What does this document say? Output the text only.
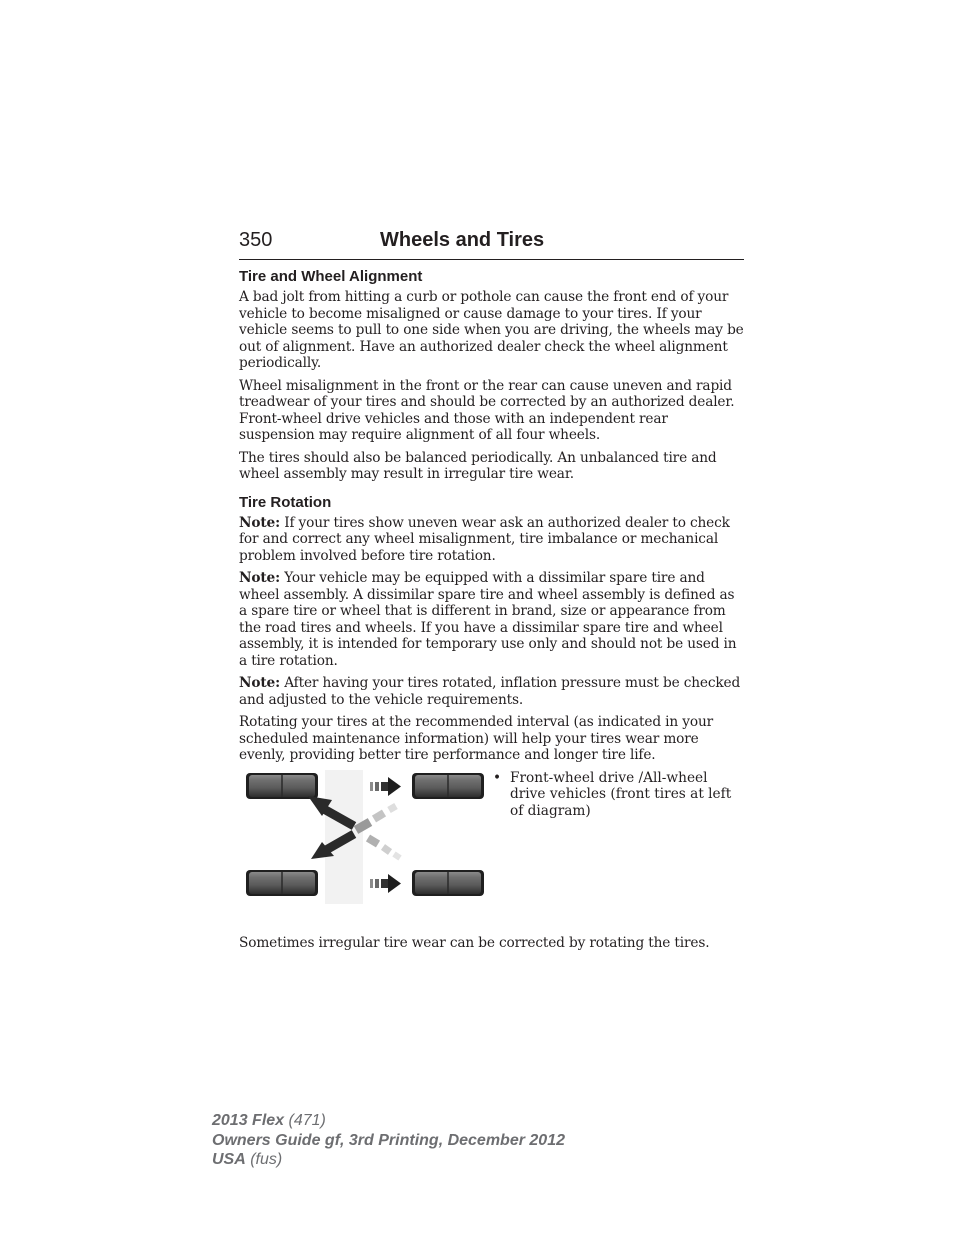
350	Wheels and Tires
Tire and Wheel Alignment

A bad jolt from hitting a curb or pothole can cause the front end of your vehicle to become misaligned or cause damage to your tires. If your vehicle seems to pull to one side when you are driving, the wheels may be out of alignment. Have an authorized dealer check the wheel alignment periodically.

Wheel misalignment in the front or the rear can cause uneven and rapid treadwear of your tires and should be corrected by an authorized dealer. Front-wheel drive vehicles and those with an independent rear suspension may require alignment of all four wheels.

The tires should also be balanced periodically. An unbalanced tire and wheel assembly may result in irregular tire wear.

Tire Rotation

Note: If your tires show uneven wear ask an authorized dealer to check for and correct any wheel misalignment, tire imbalance or mechanical problem involved before tire rotation.

Note: Your vehicle may be equipped with a dissimilar spare tire and wheel assembly. A dissimilar spare tire and wheel assembly is defined as a spare tire or wheel that is different in brand, size or appearance from the road tires and wheels. If you have a dissimilar spare tire and wheel assembly, it is intended for temporary use only and should not be used in a tire rotation.

Note: After having your tires rotated, inflation pressure must be checked and adjusted to the vehicle requirements.

Rotating your tires at the recommended interval (as indicated in your scheduled maintenance information) will help your tires wear more evenly, providing better tire performance and longer tire life.

• Front-wheel drive /All-wheel drive vehicles (front tires at left of diagram)

Sometimes irregular tire wear can be corrected by rotating the tires.

2013 Flex (471)
Owners Guide gf, 3rd Printing, December 2012
USA (fus)
